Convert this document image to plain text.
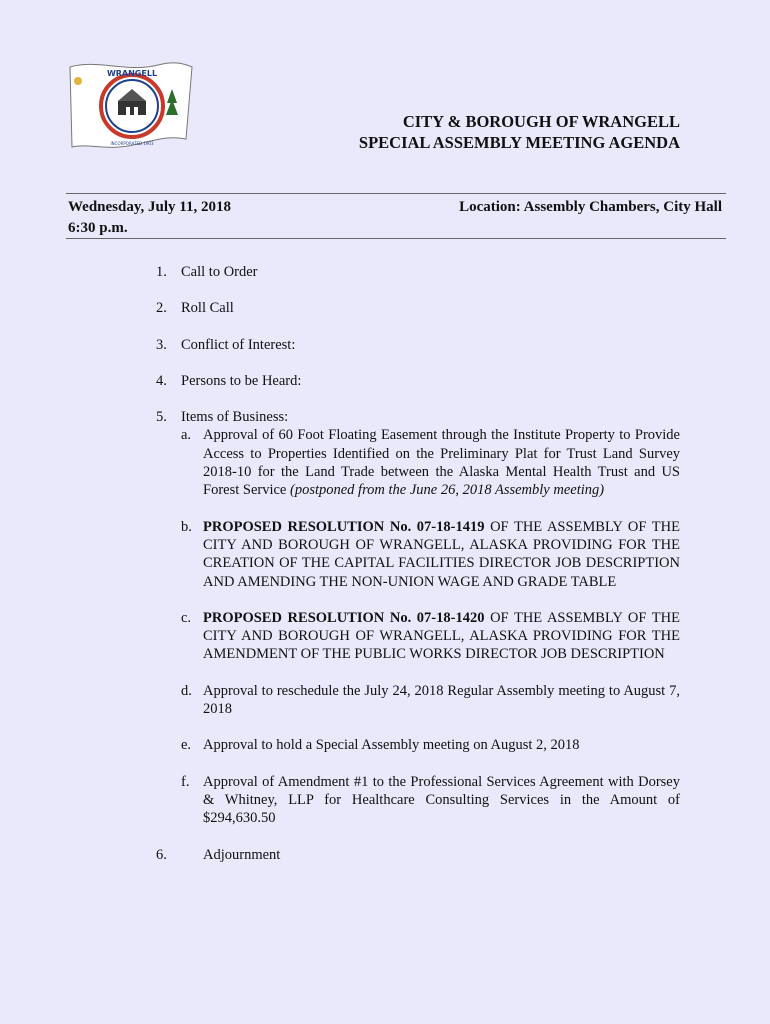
WRANGELL
INCORPORATED 1903
CITY & BOROUGH OF WRANGELL
SPECIAL ASSEMBLY MEETING AGENDA
Wednesday, July 11, 2018
6:30 p.m.
Location: Assembly Chambers, City Hall
1. Call to Order
2. Roll Call
3. Conflict of Interest:
4. Persons to be Heard:
5. Items of Business:
a. Approval of 60 Foot Floating Easement through the Institute Property to Provide Access to Properties Identified on the Preliminary Plat for Trust Land Survey 2018-10 for the Land Trade between the Alaska Mental Health Trust and US Forest Service (postponed from the June 26, 2018 Assembly meeting)
b. PROPOSED RESOLUTION No. 07-18-1419 OF THE ASSEMBLY OF THE CITY AND BOROUGH OF WRANGELL, ALASKA PROVIDING FOR THE CREATION OF THE CAPITAL FACILITIES DIRECTOR JOB DESCRIPTION AND AMENDING THE NON-UNION WAGE AND GRADE TABLE
c. PROPOSED RESOLUTION No. 07-18-1420 OF THE ASSEMBLY OF THE CITY AND BOROUGH OF WRANGELL, ALASKA PROVIDING FOR THE AMENDMENT OF THE PUBLIC WORKS DIRECTOR JOB DESCRIPTION
d. Approval to reschedule the July 24, 2018 Regular Assembly meeting to August 7, 2018
e. Approval to hold a Special Assembly meeting on August 2, 2018
f. Approval of Amendment #1 to the Professional Services Agreement with Dorsey & Whitney, LLP for Healthcare Consulting Services in the Amount of $294,630.50
6.	Adjournment
